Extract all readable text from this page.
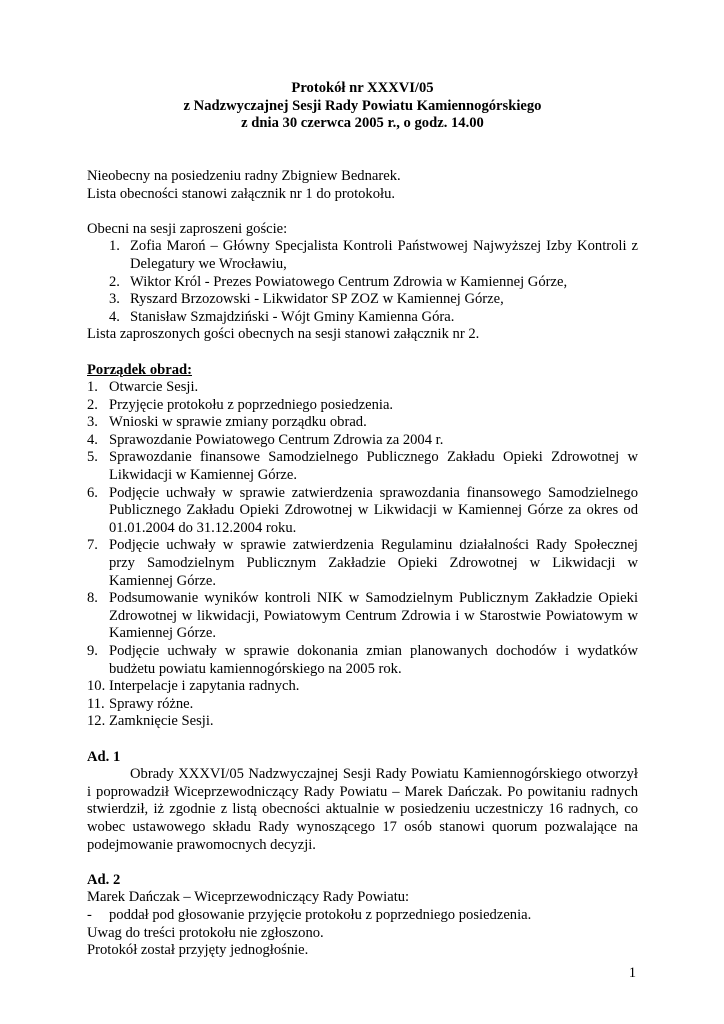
Protokół nr XXXVI/05
z Nadzwyczajnej Sesji Rady Powiatu Kamiennogórskiego
z dnia 30 czerwca 2005 r., o godz. 14.00

Nieobecny na posiedzeniu radny Zbigniew Bednarek.

Lista obecności stanowi załącznik nr 1 do protokołu.

Obecni na sesji zaproszeni goście:

1. Zofia Maroń – Główny Specjalista Kontroli Państwowej Najwyższej Izby Kontroli z Delegatury we Wrocławiu,
2. Wiktor Król - Prezes Powiatowego Centrum Zdrowia w Kamiennej Górze,
3. Ryszard Brzozowski - Likwidator SP ZOZ w Kamiennej Górze,
4. Stanisław Szmajdziński - Wójt Gminy Kamienna Góra.

Lista zaproszonych gości obecnych na sesji stanowi załącznik nr 2.

Porządek obrad:

1. Otwarcie Sesji.
2. Przyjęcie protokołu z poprzedniego posiedzenia.
3. Wnioski w sprawie zmiany porządku obrad.
4. Sprawozdanie Powiatowego Centrum Zdrowia za 2004 r.
5. Sprawozdanie finansowe Samodzielnego Publicznego Zakładu Opieki Zdrowotnej w Likwidacji w Kamiennej Górze.
6. Podjęcie uchwały w sprawie zatwierdzenia sprawozdania finansowego Samodzielnego Publicznego Zakładu Opieki Zdrowotnej w Likwidacji w Kamiennej Górze za okres od 01.01.2004 do 31.12.2004 roku.
7. Podjęcie uchwały w sprawie zatwierdzenia Regulaminu działalności Rady Społecznej przy Samodzielnym Publicznym Zakładzie Opieki Zdrowotnej w Likwidacji w Kamiennej Górze.
8. Podsumowanie wyników kontroli NIK w Samodzielnym Publicznym Zakładzie Opieki Zdrowotnej w likwidacji, Powiatowym Centrum Zdrowia i w Starostwie Powiatowym w Kamiennej Górze.
9. Podjęcie uchwały w sprawie dokonania zmian planowanych dochodów i wydatków budżetu powiatu kamiennogórskiego na 2005 rok.
10. Interpelacje i zapytania radnych.
11. Sprawy różne.
12. Zamknięcie Sesji.

Ad. 1

Obrady XXXVI/05 Nadzwyczajnej Sesji Rady Powiatu Kamiennogórskiego otworzył i poprowadził Wiceprzewodniczący Rady Powiatu – Marek Dańczak. Po powitaniu radnych stwierdził, iż zgodnie z listą obecności aktualnie w posiedzeniu uczestniczy 16 radnych, co wobec ustawowego składu Rady wynoszącego 17 osób stanowi quorum pozwalające na podejmowanie prawomocnych decyzji.

Ad. 2

Marek Dańczak – Wiceprzewodniczący Rady Powiatu:

- poddał pod głosowanie przyjęcie protokołu z poprzedniego posiedzenia.

Uwag do treści protokołu nie zgłoszono.

Protokół został przyjęty jednogłośnie.

1
